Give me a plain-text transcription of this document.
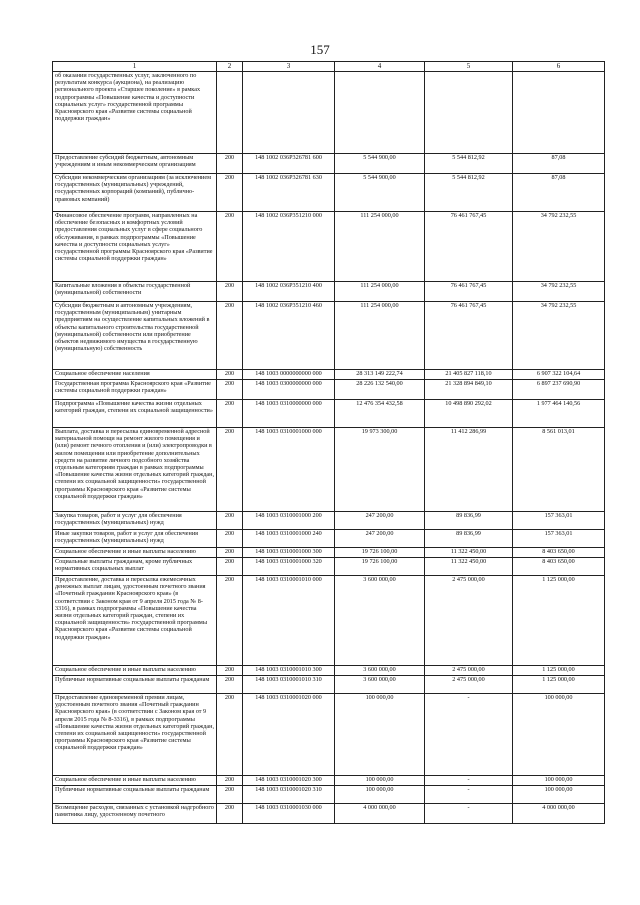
157
1	2	3	4	5	6
об оказании государственных услуг, заключенного по результатам конкурса (аукциона), на реализацию регионального проекта «Старшее поколение» в рамках подпрограммы «Повышение качества и доступности социальных услуг» государственной программы Красноярского края «Развитие системы социальной поддержки граждан»					
Предоставление субсидий бюджетным, автономным учреждениям и иным некоммерческим организациям	200	148 1002 036P326781 600	5 544 900,00	5 544 812,92	87,08
Субсидии некоммерческим организациям (за исключением государственных (муниципальных) учреждений, государственных корпораций (компаний), публично-правовых компаний)	200	148 1002 036P326781 630	5 544 900,00	5 544 812,92	87,08
Финансовое обеспечение программ, направленных на обеспечение безопасных и комфортных условий предоставления социальных услуг в сфере социального обслуживания, в рамках подпрограммы «Повышение качества и доступности социальных услуг» государственной программы Красноярского края «Развитие системы социальной поддержки граждан»	200	148 1002 036P351210 000	111 254 000,00	76 461 767,45	34 792 232,55
Капитальные вложения в объекты государственной (муниципальной) собственности	200	148 1002 036P351210 400	111 254 000,00	76 461 767,45	34 792 232,55
Субсидии бюджетным и автономным учреждениям, государственным (муниципальным) унитарным предприятиям на осуществление капитальных вложений в объекты капитального строительства государственной (муниципальной) собственности или приобретение объектов недвижимого имущества в государственную (муниципальную) собственность	200	148 1002 036P351210 460	111 254 000,00	76 461 767,45	34 792 232,55
Социальное обеспечение населения	200	148 1003 0000000000 000	28 313 149 222,74	21 405 827 118,10	6 907 322 104,64
Государственная программа Красноярского края «Развитие системы социальной поддержки граждан»	200	148 1003 0300000000 000	28 226 132 540,00	21 328 894 849,10	6 897 237 690,90
Подпрограмма «Повышение качества жизни отдельных категорий граждан, степени их социальной защищенности»	200	148 1003 0310000000 000	12 476 354 432,58	10 498 890 292,02	1 977 464 140,56
Выплата, доставка и пересылка единовременной адресной материальной помощи на ремонт жилого помещения и (или) ремонт печного отопления и (или) электропроводки в жилом помещении или приобретение дополнительных средств на развитие личного подсобного хозяйства отдельным категориям граждан в рамках подпрограммы «Повышение качества жизни отдельных категорий граждан, степени их социальной защищенности» государственной программы Красноярского края «Развитие системы социальной поддержки граждан»	200	148 1003 0310001000 000	19 973 300,00	11 412 286,99	8 561 013,01
Закупка товаров, работ и услуг для обеспечения государственных (муниципальных) нужд	200	148 1003 0310001000 200	247 200,00	89 836,99	157 363,01
Иные закупки товаров, работ и услуг для обеспечения государственных (муниципальных) нужд	200	148 1003 0310001000 240	247 200,00	89 836,99	157 363,01
Социальное обеспечение и иные выплаты населению	200	148 1003 0310001000 300	19 726 100,00	11 322 450,00	8 403 650,00
Социальные выплаты гражданам, кроме публичных нормативных социальных выплат	200	148 1003 0310001000 320	19 726 100,00	11 322 450,00	8 403 650,00
Предоставление, доставка и пересылка ежемесячных денежных выплат лицам, удостоенным почетного звания «Почетный гражданин Красноярского края» (в соответствии с Законом края от 9 апреля 2015 года № 8-3316), в рамках подпрограммы «Повышение качества жизни отдельных категорий граждан, степени их социальной защищенности» государственной программы Красноярского края «Развитие системы социальной поддержки граждан»	200	148 1003 0310001010 000	3 600 000,00	2 475 000,00	1 125 000,00
Социальное обеспечение и иные выплаты населению	200	148 1003 0310001010 300	3 600 000,00	2 475 000,00	1 125 000,00
Публичные нормативные социальные выплаты гражданам	200	148 1003 0310001010 310	3 600 000,00	2 475 000,00	1 125 000,00
Предоставление единовременной премии лицам, удостоенным почетного звания «Почетный гражданин Красноярского края» (в соответствии с Законом края от 9 апреля 2015 года № 8-3316), в рамках подпрограммы «Повышение качества жизни отдельных категорий граждан, степени их социальной защищенности» государственной программы Красноярского края «Развитие системы социальной поддержки граждан»	200	148 1003 0310001020 000	100 000,00	-	100 000,00
Социальное обеспечение и иные выплаты населению	200	148 1003 0310001020 300	100 000,00	-	100 000,00
Публичные нормативные социальные выплаты гражданам	200	148 1003 0310001020 310	100 000,00	-	100 000,00
Возмещение расходов, связанных с установкой надгробного памятника лицу, удостоенному почетного	200	148 1003 0310001030 000	4 000 000,00	-	4 000 000,00
